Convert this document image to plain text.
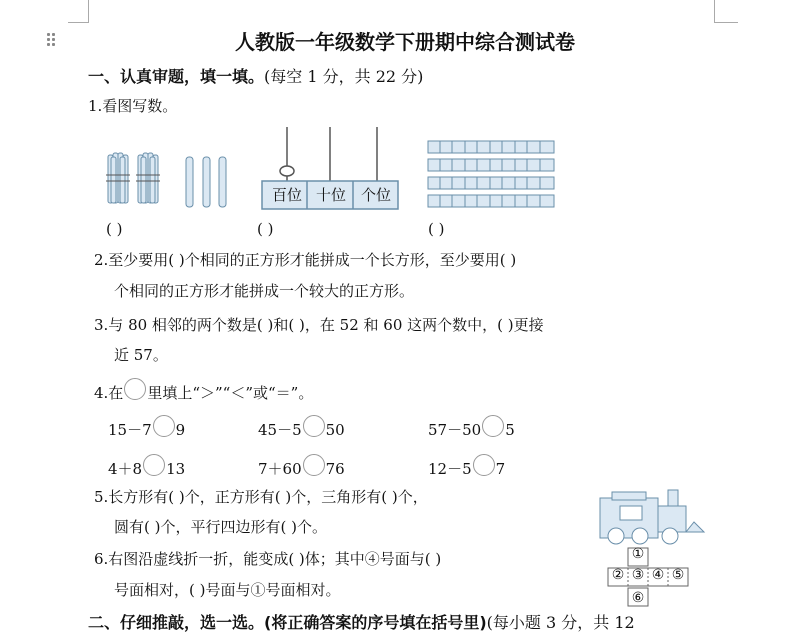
人教版一年级数学下册期中综合测试卷
一、认真审题，填一填。(每空 1 分，共 22 分)
1.看图写数。
百位 十位 个位
( )	( )	( )
2.至少要用( )个相同的正方形才能拼成一个长方形，至少要用( )
个相同的正方形才能拼成一个较大的正方形。
3.与 80 相邻的两个数是( )和( )，在 52 和 60 这两个数中，( )更接
近 57。
4.在 里填上“＞”“＜”或“＝”。
15－7 9	45－5 50	57－50 5
4＋8 13	7＋60 76	12－5 7
5.长方形有( )个，正方形有( )个，三角形有( )个，
圆有( )个，平行四边形有( )个。
6.右图沿虚线折一折，能变成( )体；其中④号面与( )
号面相对，( )号面与①号面相对。
①
② ③ ④ ⑤
⑥
二、仔细推敲，选一选。(将正确答案的序号填在括号里)(每小题 3 分，共 12
